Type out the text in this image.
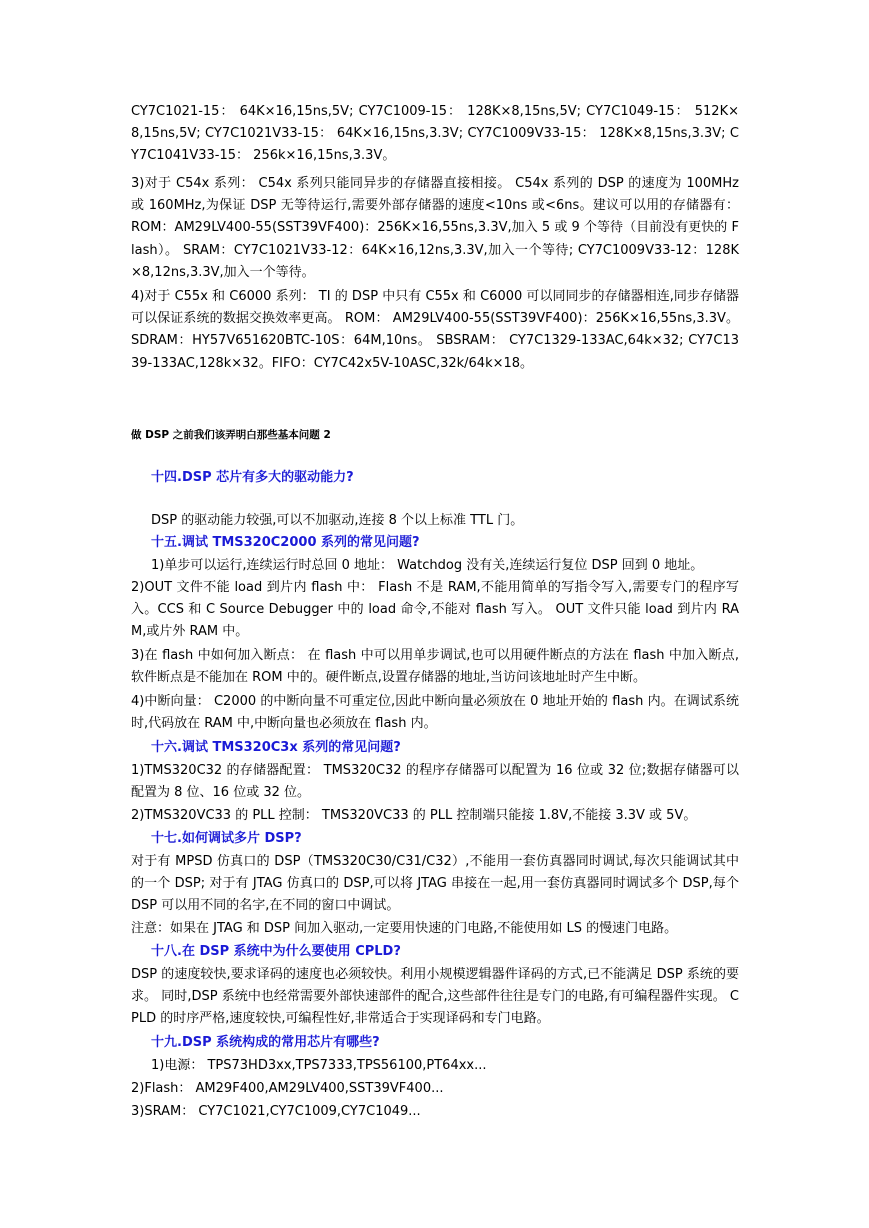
CY7C1021-15： 64K×16,15ns,5V; CY7C1009-15： 128K×8,15ns,5V; CY7C1049-15： 512K×8,15ns,5V; CY7C1021V33-15： 64K×16,15ns,3.3V; CY7C1009V33-15： 128K×8,15ns,3.3V; CY7C1041V33-15： 256k×16,15ns,3.3V。
3)对于 C54x 系列： C54x 系列只能同异步的存储器直接相接。 C54x 系列的 DSP 的速度为 100MHz 或 160MHz,为保证 DSP 无等待运行,需要外部存储器的速度<10ns 或<6ns。建议可以用的存储器有： ROM：AM29LV400-55(SST39VF400)：256K×16,55ns,3.3V,加入 5 或 9 个等待（目前没有更快的 Flash）。 SRAM：CY7C1021V33-12：64K×16,12ns,3.3V,加入一个等待; CY7C1009V33-12：128K×8,12ns,3.3V,加入一个等待。
4)对于 C55x 和 C6000 系列： TI 的 DSP 中只有 C55x 和 C6000 可以同同步的存储器相连,同步存储器可以保证系统的数据交换效率更高。 ROM： AM29LV400-55(SST39VF400)：256K×16,55ns,3.3V。 SDRAM：HY57V651620BTC-10S：64M,10ns。 SBSRAM： CY7C1329-133AC,64k×32; CY7C1339-133AC,128k×32。FIFO：CY7C42x5V-10ASC,32k/64k×18。
做 DSP 之前我们该弄明白那些基本问题 2
十四.DSP 芯片有多大的驱动能力?
DSP 的驱动能力较强,可以不加驱动,连接 8 个以上标准 TTL 门。
十五.调试 TMS320C2000 系列的常见问题?
1)单步可以运行,连续运行时总回 0 地址： Watchdog 没有关,连续运行复位 DSP 回到 0 地址。
2)OUT 文件不能 load 到片内 flash 中： Flash 不是 RAM,不能用简单的写指令写入,需要专门的程序写入。CCS 和 C Source Debugger 中的 load 命令,不能对 flash 写入。 OUT 文件只能 load 到片内 RAM,或片外 RAM 中。
3)在 flash 中如何加入断点： 在 flash 中可以用单步调试,也可以用硬件断点的方法在 flash 中加入断点,软件断点是不能加在 ROM 中的。硬件断点,设置存储器的地址,当访问该地址时产生中断。
4)中断向量： C2000 的中断向量不可重定位,因此中断向量必须放在 0 地址开始的 flash 内。在调试系统时,代码放在 RAM 中,中断向量也必须放在 flash 内。
十六.调试 TMS320C3x 系列的常见问题?
1)TMS320C32 的存储器配置： TMS320C32 的程序存储器可以配置为 16 位或 32 位;数据存储器可以配置为 8 位、16 位或 32 位。
2)TMS320VC33 的 PLL 控制： TMS320VC33 的 PLL 控制端只能接 1.8V,不能接 3.3V 或 5V。
十七.如何调试多片 DSP?
对于有 MPSD 仿真口的 DSP（TMS320C30/C31/C32）,不能用一套仿真器同时调试,每次只能调试其中的一个 DSP; 对于有 JTAG 仿真口的 DSP,可以将 JTAG 串接在一起,用一套仿真器同时调试多个 DSP,每个 DSP 可以用不同的名字,在不同的窗口中调试。
注意：如果在 JTAG 和 DSP 间加入驱动,一定要用快速的门电路,不能使用如 LS 的慢速门电路。
十八.在 DSP 系统中为什么要使用 CPLD?
DSP 的速度较快,要求译码的速度也必须较快。利用小规模逻辑器件译码的方式,已不能满足 DSP 系统的要求。 同时,DSP 系统中也经常需要外部快速部件的配合,这些部件往往是专门的电路,有可编程器件实现。 CPLD 的时序严格,速度较快,可编程性好,非常适合于实现译码和专门电路。
十九.DSP 系统构成的常用芯片有哪些?
1)电源： TPS73HD3xx,TPS7333,TPS56100,PT64xx...
2)Flash： AM29F400,AM29LV400,SST39VF400...
3)SRAM： CY7C1021,CY7C1009,CY7C1049...
